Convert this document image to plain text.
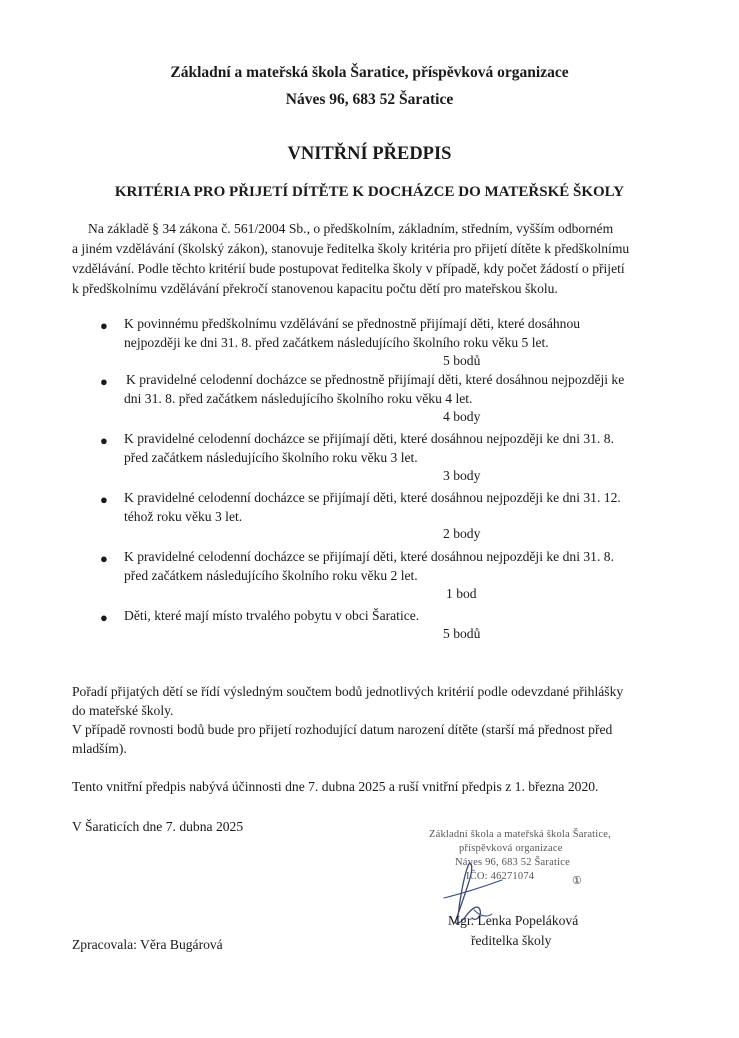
Základní a mateřská škola Šaratice, příspěvková organizace
Náves 96, 683 52 Šaratice
VNITŘNÍ PŘEDPIS
KRITÉRIA PRO PŘIJETÍ DÍTĚTE K DOCHÁZCE DO MATEŘSKÉ ŠKOLY
Na základě § 34 zákona č. 561/2004 Sb., o předškolním, základním, středním, vyšším odborném
a jiném vzdělávání (školský zákon), stanovuje ředitelka školy kritéria pro přijetí dítěte k předškolnímu
vzdělávání. Podle těchto kritérií bude postupovat ředitelka školy v případě, kdy počet žádostí o přijetí
k předškolnímu vzdělávání překročí stanovenou kapacitu počtu dětí pro mateřskou školu.
● K povinnému předškolnímu vzdělávání se přednostně přijímají děti, které dosáhnou
nejpozději ke dni 31. 8. před začátkem následujícího školního roku věku 5 let.
5 bodů
● K pravidelné celodenní docházce se přednostně přijímají děti, které dosáhnou nejpozději ke
dni 31. 8. před začátkem následujícího školního roku věku 4 let.
4 body
● K pravidelné celodenní docházce se přijímají děti, které dosáhnou nejpozději ke dni 31. 8.
před začátkem následujícího školního roku věku 3 let.
3 body
● K pravidelné celodenní docházce se přijímají děti, které dosáhnou nejpozději ke dni 31. 12.
téhož roku věku 3 let.
2 body
● K pravidelné celodenní docházce se přijímají děti, které dosáhnou nejpozději ke dni 31. 8.
před začátkem následujícího školního roku věku 2 let.
1 bod
● Děti, které mají místo trvalého pobytu v obci Šaratice.
5 bodů
Pořadí přijatých dětí se řídí výsledným součtem bodů jednotlivých kritérií podle odevzdané přihlášky
do mateřské školy.
V případě rovnosti bodů bude pro přijetí rozhodující datum narození dítěte (starší má přednost před
mladším).
Tento vnitřní předpis nabývá účinnosti dne 7. dubna 2025 a ruší vnitřní předpis z 1. března 2020.
V Šaraticích dne 7. dubna 2025
Základní škola a mateřská škola Šaratice,
příspěvková organizace
Náves 96, 683 52 Šaratice
IČO: 46271074	①
Mgr. Lenka Popeláková
ředitelka školy
Zpracovala: Věra Bugárová
